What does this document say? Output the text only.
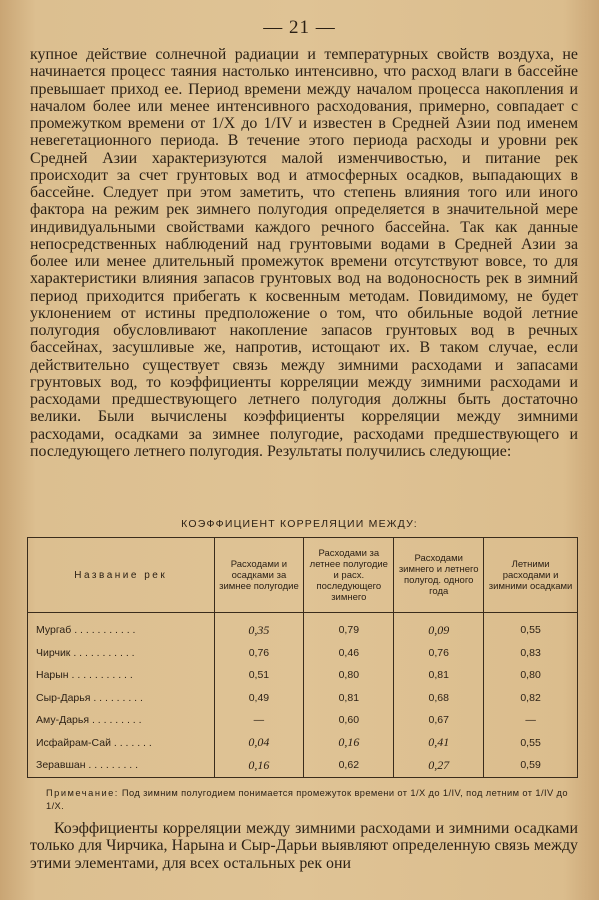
— 21 —

купное действие солнечной радиации и температурных свойств воздуха, не начинается процесс таяния настолько интенсивно, что расход влаги в бассейне превышает приход ее. Период времени между началом процесса накопления и началом более или менее интенсивного расходования, примерно, совпадает с промежутком времени от 1/X до 1/IV и известен в Средней Азии под именем невегетационного периода. В течение этого периода расходы и уровни рек Средней Азии характеризуются малой изменчивостью, и питание рек происходит за счет грунтовых вод и атмосферных осадков, выпадающих в бассейне. Следует при этом заметить, что степень влияния того или иного фактора на режим рек зимнего полугодия определяется в значительной мере индивидуальными свойствами каждого речного бассейна. Так как данные непосредственных наблюдений над грунтовыми водами в Средней Азии за более или менее длительный промежуток времени отсутствуют вовсе, то для характеристики влияния запасов грунтовых вод на водоносность рек в зимний период приходится прибегать к косвенным методам. Повидимому, не будет уклонением от истины предположение о том, что обильные водой летние полугодия обусловливают накопление запасов грунтовых вод в речных бассейнах, засушливые же, напротив, истощают их. В таком случае, если действительно существует связь между зимними расходами и запасами грунтовых вод, то коэффициенты корреляции между зимними расходами и расходами предшествующего летнего полугодия должны быть достаточно велики. Были вычислены коэффициенты корреляции между зимними расходами, осадками за зимнее полугодие, расходами предшествующего и последующего летнего полугодия. Результаты получились следующие:

КОЭФФИЦИЕНТ КОРРЕЛЯЦИИ МЕЖДУ:
Название рек	Расходами и осадками за зимнее полугодие	Расходами за летнее полугодие и расх. последующего зимнего	Расходами зимнего и летнего полугод. одного года	Летними расходами и зимними осадками

Мургаб . . . . . . . . . . .	0,35	0,79	0,09	0,55
Чирчик . . . . . . . . . . .	0,76	0,46	0,76	0,83
Нарын . . . . . . . . . . .	0,51	0,80	0,81	0,80
Сыр-Дарья . . . . . . . . .	0,49	0,81	0,68	0,82
Аму-Дарья . . . . . . . . .	—	0,60	0,67	—
Исфайрам-Сай . . . . . . .	0,04	0,16	0,41	0,55
Зеравшан . . . . . . . . .	0,16	0,62	0,27	0,59

Примечание: Под зимним полугодием понимается промежуток времени от 1/X до 1/IV, под летним от 1/IV до 1/X.

Коэффициенты корреляции между зимними расходами и зимними осадками только для Чирчика, Нарына и Сыр-Дарьи выявляют определенную связь между этими элементами, для всех остальных рек они
